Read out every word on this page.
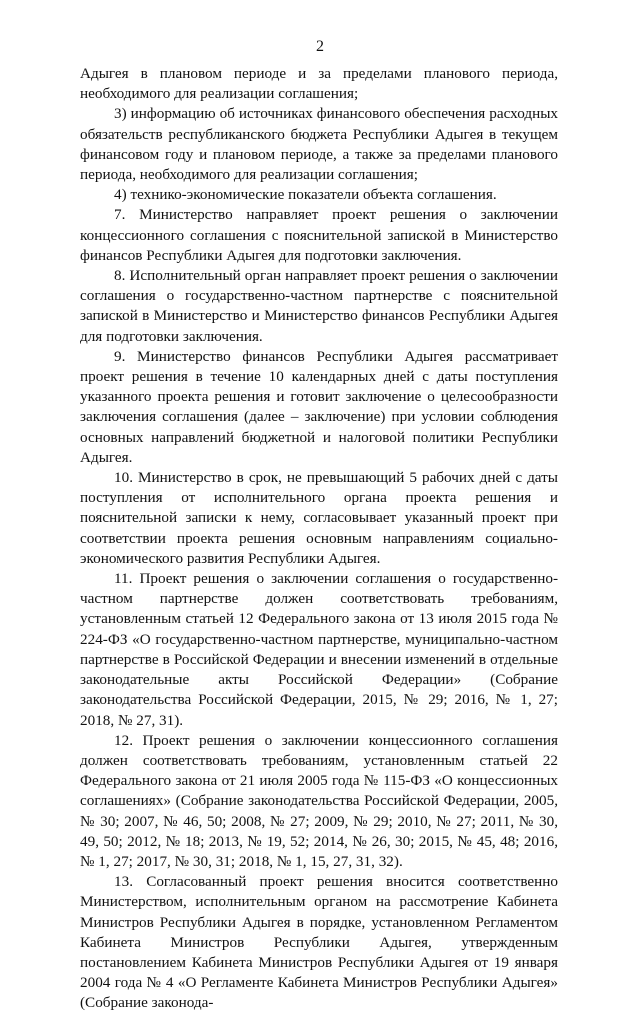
2

Адыгея в плановом периоде и за пределами планового периода, необходимого для реализации соглашения;

3) информацию об источниках финансового обеспечения расходных обязательств республиканского бюджета Республики Адыгея в текущем финансовом году и плановом периоде, а также за пределами планового периода, необходимого для реализации соглашения;

4) технико-экономические показатели объекта соглашения.

7. Министерство направляет проект решения о заключении концессионного соглашения с пояснительной запиской в Министерство финансов Республики Адыгея для подготовки заключения.

8. Исполнительный орган направляет проект решения о заключении соглашения о государственно-частном партнерстве с пояснительной запиской в Министерство и Министерство финансов Республики Адыгея для подготовки заключения.

9. Министерство финансов Республики Адыгея рассматривает проект решения в течение 10 календарных дней с даты поступления указанного проекта решения и готовит заключение о целесообразности заключения соглашения (далее – заключение) при условии соблюдения основных направлений бюджетной и налоговой политики Республики Адыгея.

10. Министерство в срок, не превышающий 5 рабочих дней с даты поступления от исполнительного органа проекта решения и пояснительной записки к нему, согласовывает указанный проект при соответствии проекта решения основным направлениям социально-экономического развития Республики Адыгея.

11. Проект решения о заключении соглашения о государственно-частном партнерстве должен соответствовать требованиям, установленным статьей 12 Федерального закона от 13 июля 2015 года № 224-ФЗ «О государственно-частном партнерстве, муниципально-частном партнерстве в Российской Федерации и внесении изменений в отдельные законодательные акты Российской Федерации» (Собрание законодательства Российской Федерации, 2015, № 29; 2016, № 1, 27; 2018, № 27, 31).

12. Проект решения о заключении концессионного соглашения должен соответствовать требованиям, установленным статьей 22 Федерального закона от 21 июля 2005 года № 115-ФЗ «О концессионных соглашениях» (Собрание законодательства Российской Федерации, 2005, № 30; 2007, № 46, 50; 2008, № 27; 2009, № 29; 2010, № 27; 2011, № 30, 49, 50; 2012, № 18; 2013, № 19, 52; 2014, № 26, 30; 2015, № 45, 48; 2016, № 1, 27; 2017, № 30, 31; 2018, № 1, 15, 27, 31, 32).

13. Согласованный проект решения вносится соответственно Министерством, исполнительным органом на рассмотрение Кабинета Министров Республики Адыгея в порядке, установленном Регламентом Кабинета Министров Республики Адыгея, утвержденным постановлением Кабинета Министров Республики Адыгея от 19 января 2004 года № 4 «О Регламенте Кабинета Министров Республики Адыгея» (Собрание законода-
